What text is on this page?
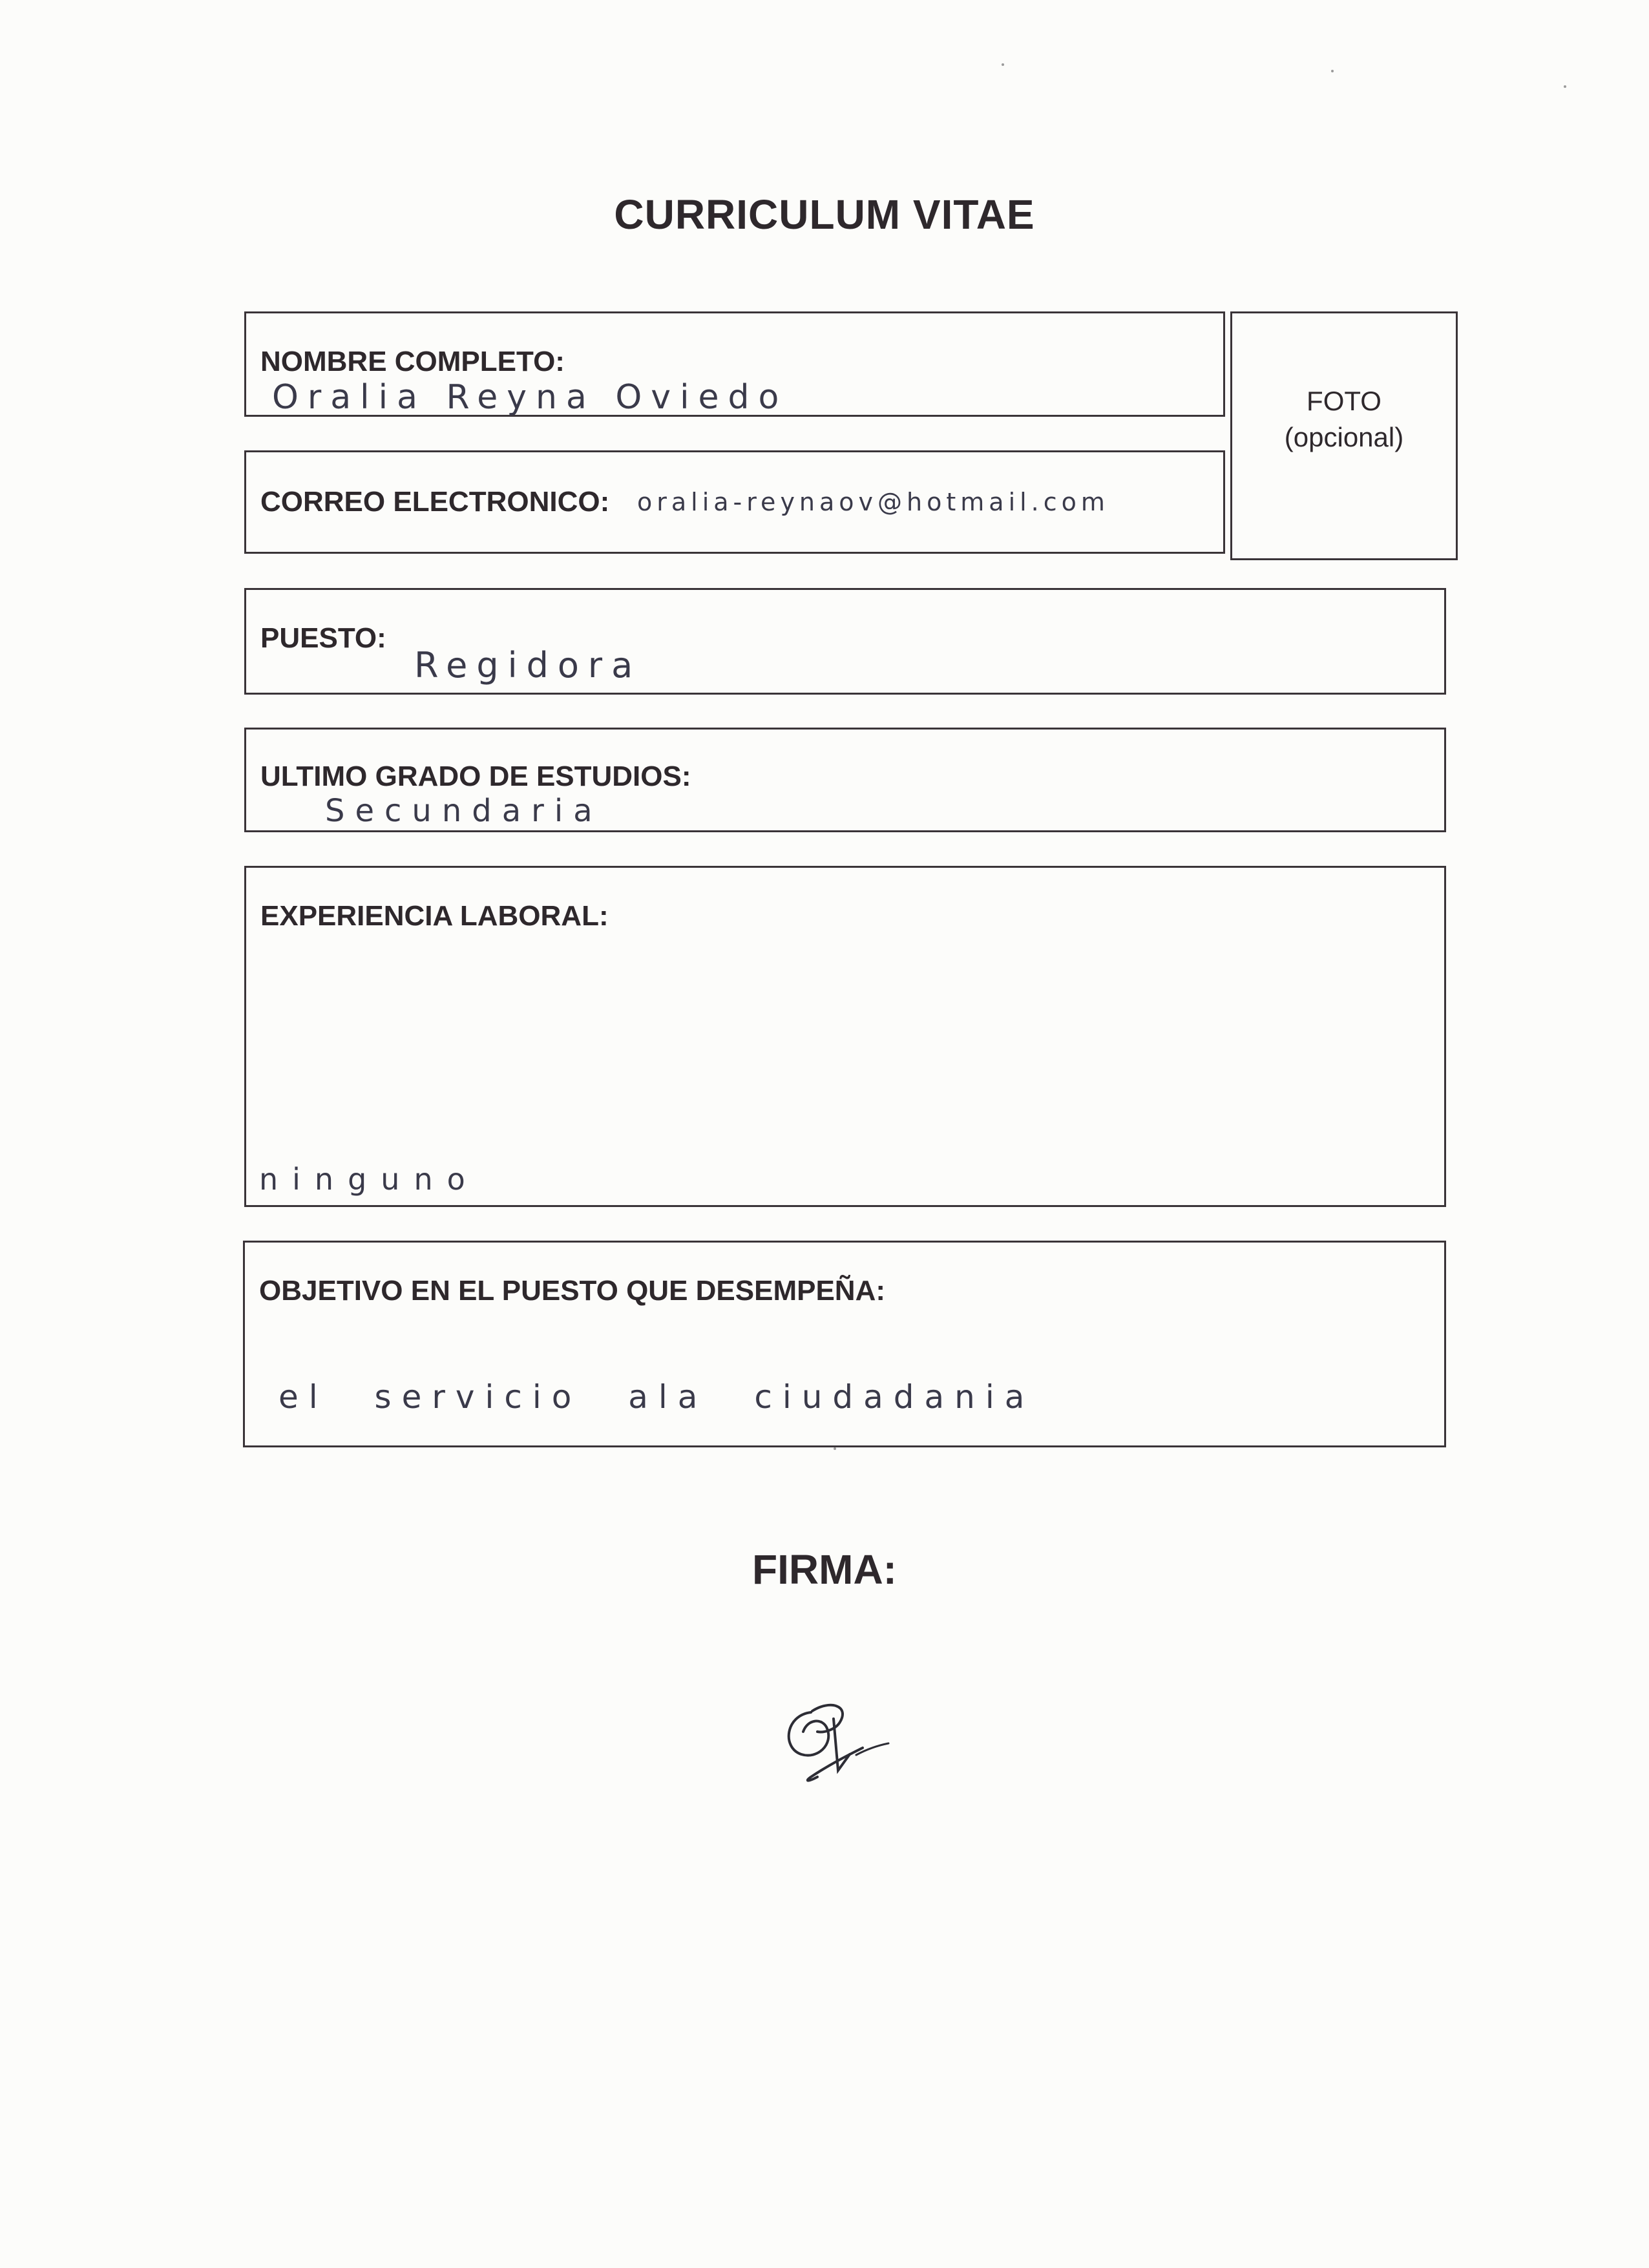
CURRICULUM VITAE
NOMBRE COMPLETO:
Oralia Reyna Oviedo
CORREO ELECTRONICO: oralia-reynaov@hotmail.com
FOTO
(opcional)
PUESTO:
Regidora
ULTIMO GRADO DE ESTUDIOS:
Secundaria
EXPERIENCIA LABORAL:
ninguno
OBJETIVO EN EL PUESTO QUE DESEMPEÑA:
el servicio ala ciudadania
FIRMA:
